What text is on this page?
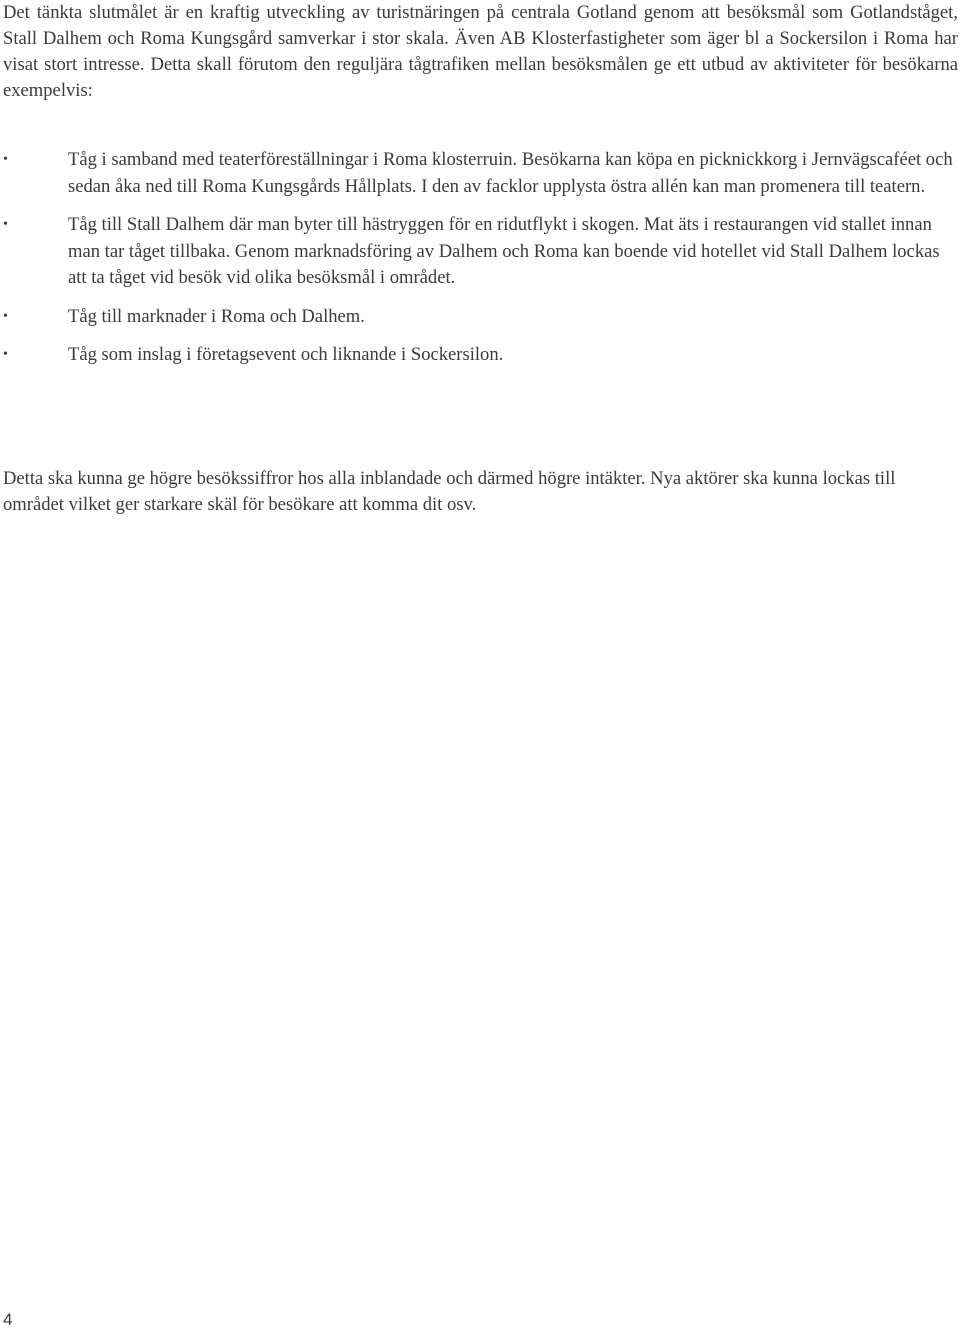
Det tänkta slutmålet är en kraftig utveckling av turistnäringen på centrala Gotland genom att besöksmål som Gotlandståget, Stall Dalhem och Roma Kungsgård samverkar i stor skala. Även AB Klosterfastigheter som äger bl a Sockersilon i Roma har visat stort intresse. Detta skall förutom den reguljära tågtrafiken mellan besöksmålen ge ett utbud av aktiviteter för besökarna exempelvis:

•	Tåg i samband med teaterföreställningar i Roma klosterruin. Besökarna kan köpa en picknickkorg i Jernvägscaféet och sedan åka ned till Roma Kungsgårds Hållplats. I den av facklor upplysta östra allén kan man promenera till teatern.
•	Tåg till Stall Dalhem där man byter till hästryggen för en ridutflykt i skogen. Mat äts i restaurangen vid stallet innan man tar tåget tillbaka. Genom marknadsföring av Dalhem och Roma kan boende vid hotellet vid Stall Dalhem lockas att ta tåget vid besök vid olika besöksmål i området.
•	Tåg till marknader i Roma och Dalhem.
•	Tåg som inslag i företagsevent och liknande i Sockersilon.

Detta ska kunna ge högre besökssiffror hos alla inblandade och därmed högre intäkter. Nya aktörer ska kunna lockas till området vilket ger starkare skäl för besökare att komma dit osv.

4
